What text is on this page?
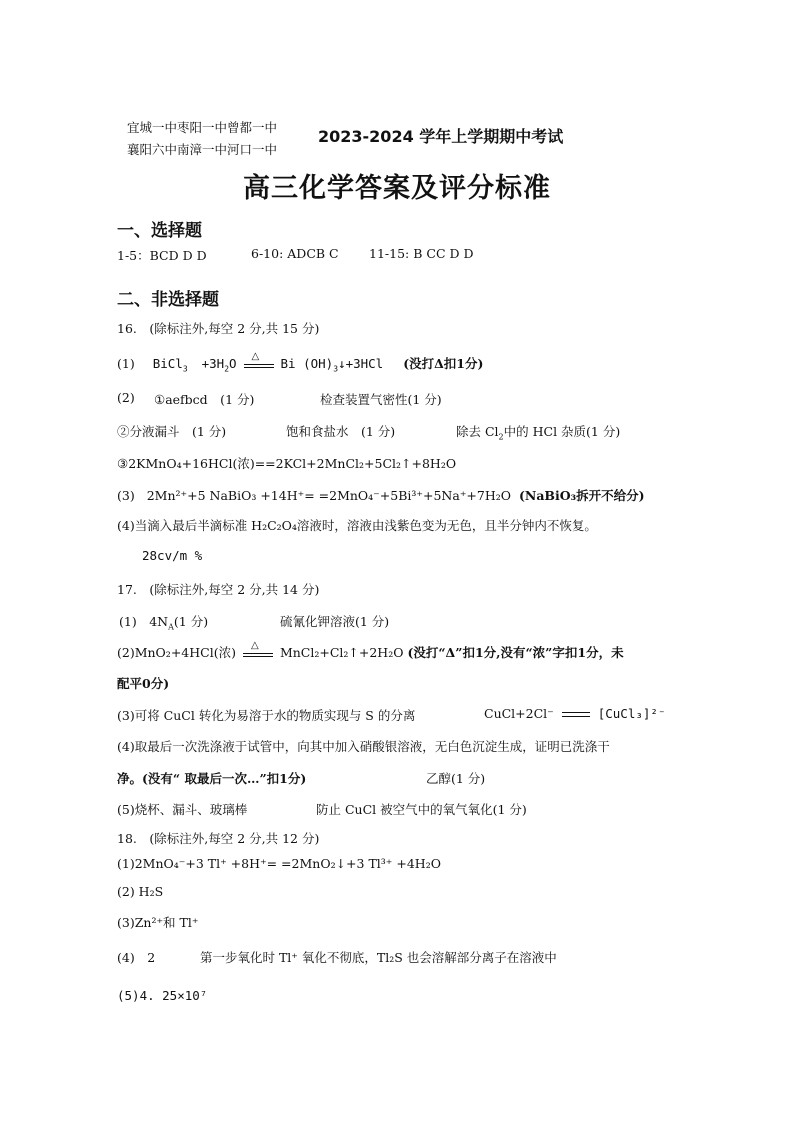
宜城一中枣阳一中曾都一中
襄阳六中南漳一中河口一中
2023-2024 学年上学期期中考试
高三化学答案及评分标准
一、选择题
1-5：BCD D D	6-10: ADCB C 11-15: B CC D D
二、非选择题
16.　(除标注外,每空 2 分,共 15 分)
(1) BiCl$_3$ $+3H_2O$ △ Bi $(OH)_3↓+3HCl$ (没打Δ扣1分)
(2) ①aefbcd　(1 分)	检查装置气密性(1 分)
②分液漏斗　(1 分)	饱和食盐水　(1 分)	除去 $Cl_2$中的 HCl 杂质(1 分)
③2KMnO₄+16HCl(浓)==2KCl+2MnCl₂+5Cl₂↑+8H₂O
(3) 2Mn²⁺+5 NaBiO₃ +14H⁺= =2MnO₄⁻+5Bi³⁺+5Na⁺+7H₂O (NaBiO₃拆开不给分)
(4)当滴入最后半滴标准 H₂C₂O₄溶液时，溶液由浅紫色变为无色，且半分钟内不恢复。
28cv/m %
17.　(除标注外,每空 2 分,共 14 分)
(1)　$4N_A(1$ 分)	硫氰化钾溶液(1 分)
(2)MnO₂+4HCl(浓) △ MnCl₂+Cl₂↑+2H₂O (没打“Δ”扣1分,没有“浓”字扣1分，未
配平0分)
(3)可将 CuCl 转化为易溶于水的物质实现与 S 的分离	CuCl+2Cl⁻	[CuCl₃]²⁻
(4)取最后一次洗涤液于试管中，向其中加入硝酸银溶液，无白色沉淀生成，证明已洗涤干
净。(没有“ 取最后一次…”扣1分)	乙醇(1 分)
(5)烧杯、漏斗、玻璃棒	防止 CuCl 被空气中的氧气氧化(1 分)
18.　(除标注外,每空 2 分,共 12 分)
(1)2MnO₄⁻+3 Tl⁺ +8H⁺= =2MnO₂↓+3 Tl³⁺ +4H₂O
(2) H₂S
(3)Zn²⁺和 Tl⁺
(4)　2	第一步氧化时 Tl⁺ 氧化不彻底，Tl₂S 也会溶解部分离子在溶液中
(5)4. 25×10⁷
